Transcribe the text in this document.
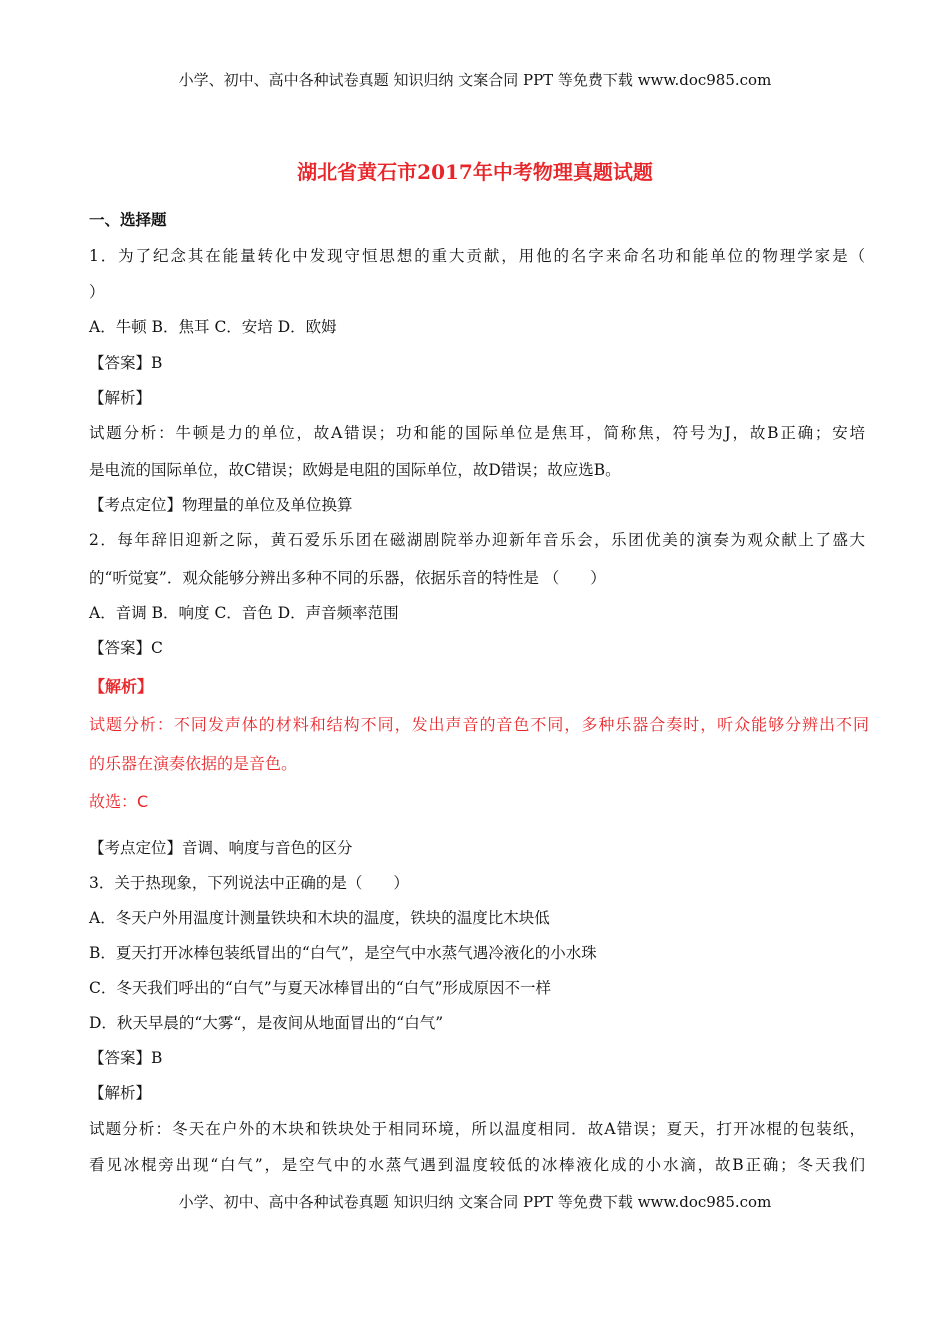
小学、初中、高中各种试卷真题 知识归纳 文案合同 PPT 等免费下载 www.doc985.com
湖北省黄石市2017年中考物理真题试题
一、选择题
1．为了纪念其在能量转化中发现守恒思想的重大贡献，用他的名字来命名功和能单位的物理学家是（
）
A．牛顿 B．焦耳 C．安培 D．欧姆
【答案】B
【解析】
试题分析：牛顿是力的单位，故A错误；功和能的国际单位是焦耳，简称焦，符号为J，故B正确；安培
是电流的国际单位，故C错误；欧姆是电阻的国际单位，故D错误；故应选B。
【考点定位】物理量的单位及单位换算
2．每年辞旧迎新之际，黄石爱乐乐团在磁湖剧院举办迎新年音乐会，乐团优美的演奏为观众献上了盛大
的“听觉宴”．观众能够分辨出多种不同的乐器，依据乐音的特性是 （　　）
A．音调 B．响度 C．音色 D．声音频率范围
【答案】C
【解析】
试题分析：不同发声体的材料和结构不同，发出声音的音色不同，多种乐器合奏时，听众能够分辨出不同
的乐器在演奏依据的是音色。
故选：C
【考点定位】音调、响度与音色的区分
3．关于热现象，下列说法中正确的是（　　）
A．冬天户外用温度计测量铁块和木块的温度，铁块的温度比木块低
B．夏天打开冰棒包装纸冒出的“白气”，是空气中水蒸气遇冷液化的小水珠
C．冬天我们呼出的“白气”与夏天冰棒冒出的“白气”形成原因不一样
D．秋天早晨的“大雾“，是夜间从地面冒出的“白气”
【答案】B
【解析】
试题分析：冬天在户外的木块和铁块处于相同环境，所以温度相同．故A错误；夏天，打开冰棍的包装纸，
看见冰棍旁出现“白气”，是空气中的水蒸气遇到温度较低的冰棒液化成的小水滴，故B正确；冬天我们
小学、初中、高中各种试卷真题 知识归纳 文案合同 PPT 等免费下载 www.doc985.com
